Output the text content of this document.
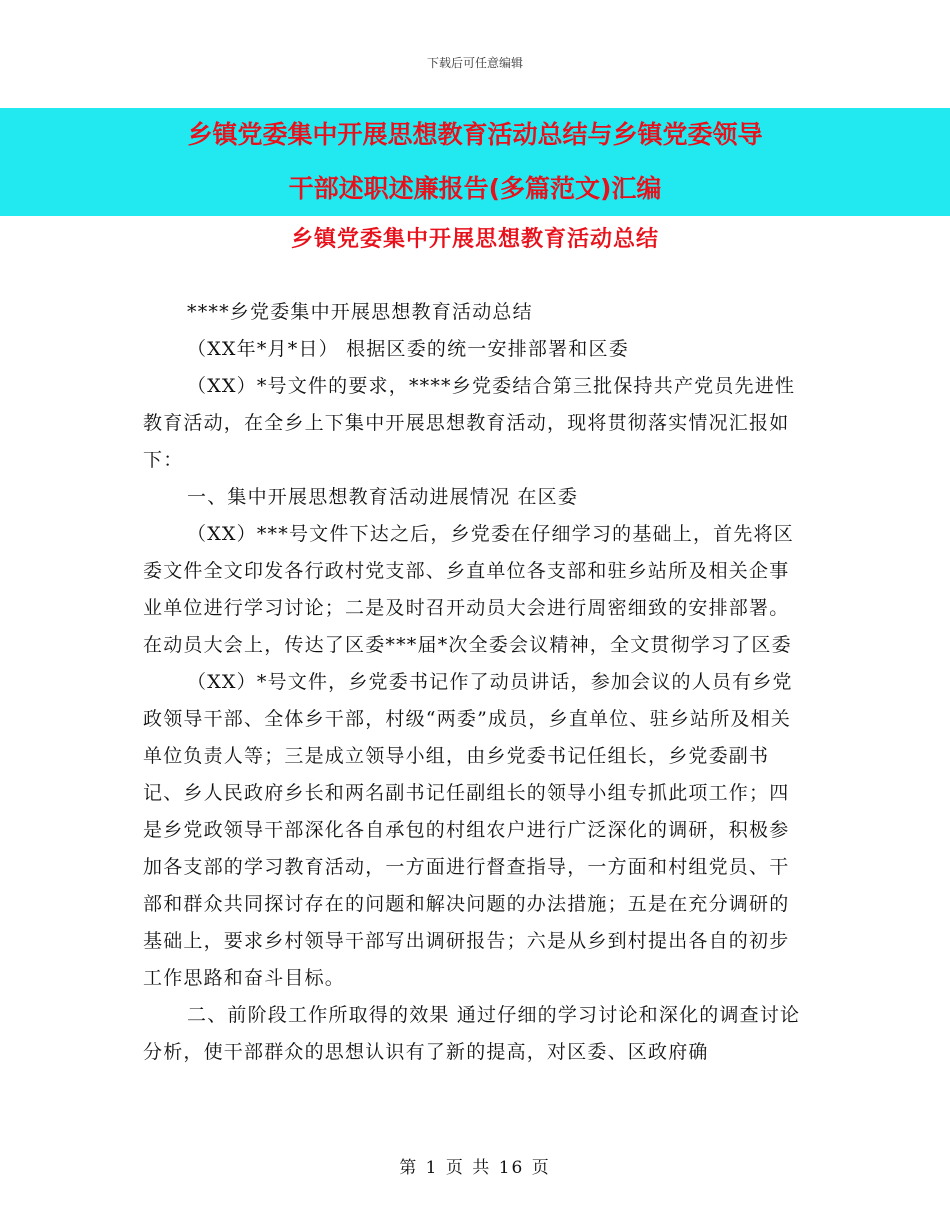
下载后可任意编辑
乡镇党委集中开展思想教育活动总结与乡镇党委领导
干部述职述廉报告(多篇范文)汇编
乡镇党委集中开展思想教育活动总结

****乡党委集中开展思想教育活动总结

（XX年*月*日） 根据区委的统一安排部署和区委

（XX）*号文件的要求，****乡党委结合第三批保持共产党员先进性教育活动，在全乡上下集中开展思想教育活动，现将贯彻落实情况汇报如下：

一、集中开展思想教育活动进展情况 在区委

（XX）***号文件下达之后，乡党委在仔细学习的基础上，首先将区委文件全文印发各行政村党支部、乡直单位各支部和驻乡站所及相关企事业单位进行学习讨论；二是及时召开动员大会进行周密细致的安排部署。在动员大会上，传达了区委***届*次全委会议精神，全文贯彻学习了区委

（XX）*号文件，乡党委书记作了动员讲话，参加会议的人员有乡党政领导干部、全体乡干部，村级“两委”成员，乡直单位、驻乡站所及相关单位负责人等；三是成立领导小组，由乡党委书记任组长，乡党委副书记、乡人民政府乡长和两名副书记任副组长的领导小组专抓此项工作；四是乡党政领导干部深化各自承包的村组农户进行广泛深化的调研，积极参加各支部的学习教育活动，一方面进行督查指导，一方面和村组党员、干部和群众共同探讨存在的问题和解决问题的办法措施；五是在充分调研的基础上，要求乡村领导干部写出调研报告；六是从乡到村提出各自的初步工作思路和奋斗目标。

二、前阶段工作所取得的效果 通过仔细的学习讨论和深化的调查讨论分析，使干部群众的思想认识有了新的提高，对区委、区政府确

第 1 页 共 16 页
